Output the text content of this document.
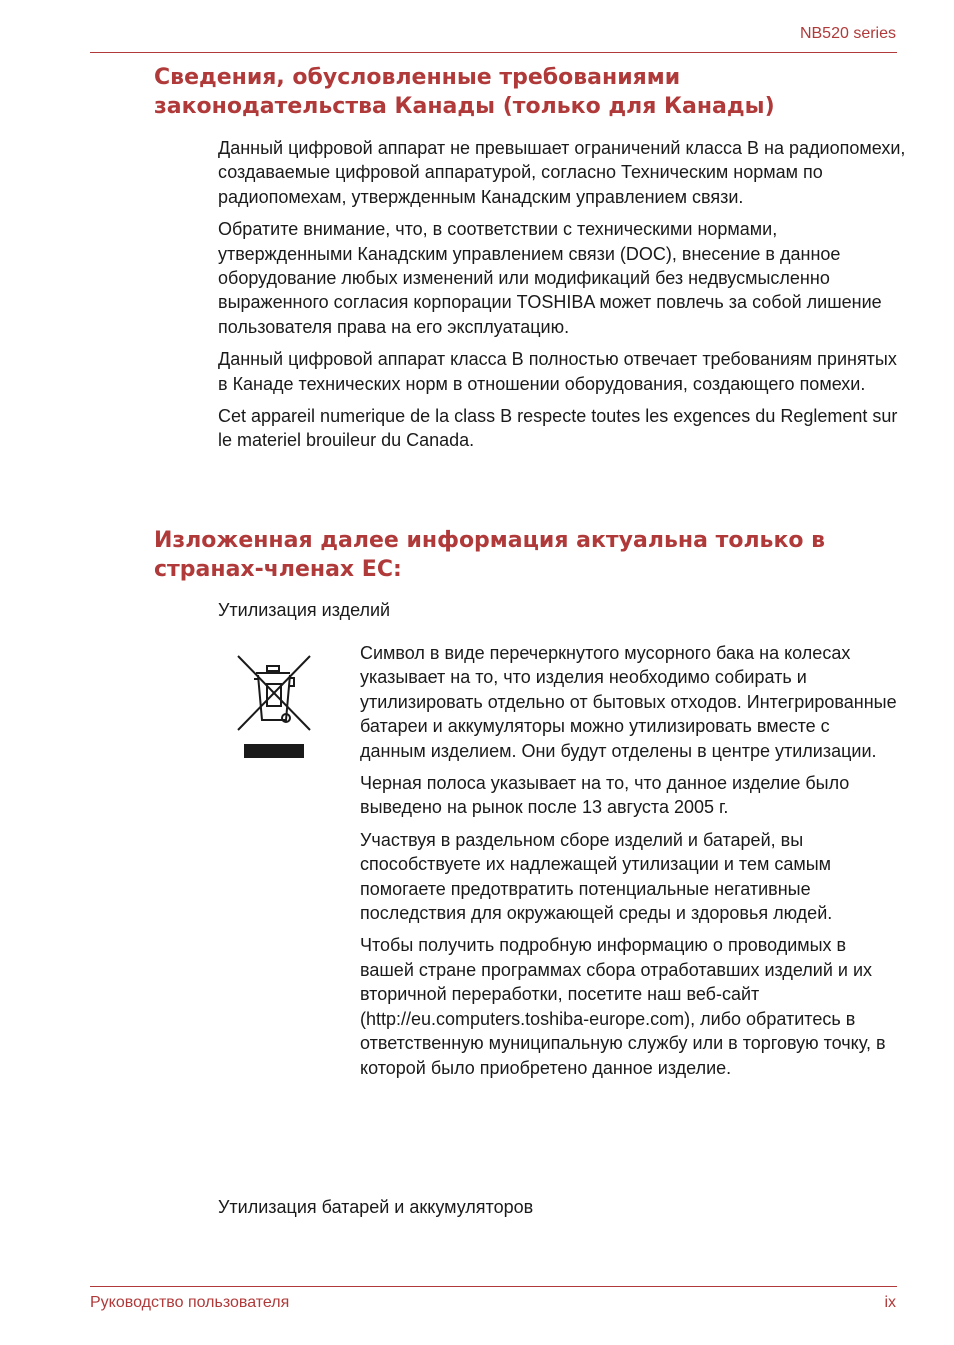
NB520 series
Сведения, обусловленные требованиями законодательства Канады (только для Канады)

Данный цифровой аппарат не превышает ограничений класса B на радиопомехи, создаваемые цифровой аппаратурой, согласно Техническим нормам по радиопомехам, утвержденным Канадским управлением связи.

Обратите внимание, что, в соответствии с техническими нормами, утвержденными Канадским управлением связи (DOC), внесение в данное оборудование любых изменений или модификаций без недвусмысленно выраженного согласия корпорации TOSHIBA может повлечь за собой лишение пользователя права на его эксплуатацию.

Данный цифровой аппарат класса B полностью отвечает требованиям принятых в Канаде технических норм в отношении оборудования, создающего помехи.

Cet appareil numerique de la class B respecte toutes les exgences du Reglement sur le materiel brouileur du Canada.

Изложенная далее информация актуальна только в странах-членах ЕС:

Утилизация изделий

Символ в виде перечеркнутого мусорного бака на колесах указывает на то, что изделия необходимо собирать и утилизировать отдельно от бытовых отходов. Интегрированные батареи и аккумуляторы можно утилизировать вместе с данным изделием. Они будут отделены в центре утилизации.

Черная полоса указывает на то, что данное изделие было выведено на рынок после 13 августа 2005 г.

Участвуя в раздельном сборе изделий и батарей, вы способствуете их надлежащей утилизации и тем самым помогаете предотвратить потенциальные негативные последствия для окружающей среды и здоровья людей.

Чтобы получить подробную информацию о проводимых в вашей стране программах сбора отработавших изделий и их вторичной переработки, посетите наш веб-сайт (http://eu.computers.toshiba-europe.com), либо обратитесь в ответственную муниципальную службу или в торговую точку, в которой было приобретено данное изделие.

Утилизация батарей и аккумуляторов

Руководство пользователя	ix
